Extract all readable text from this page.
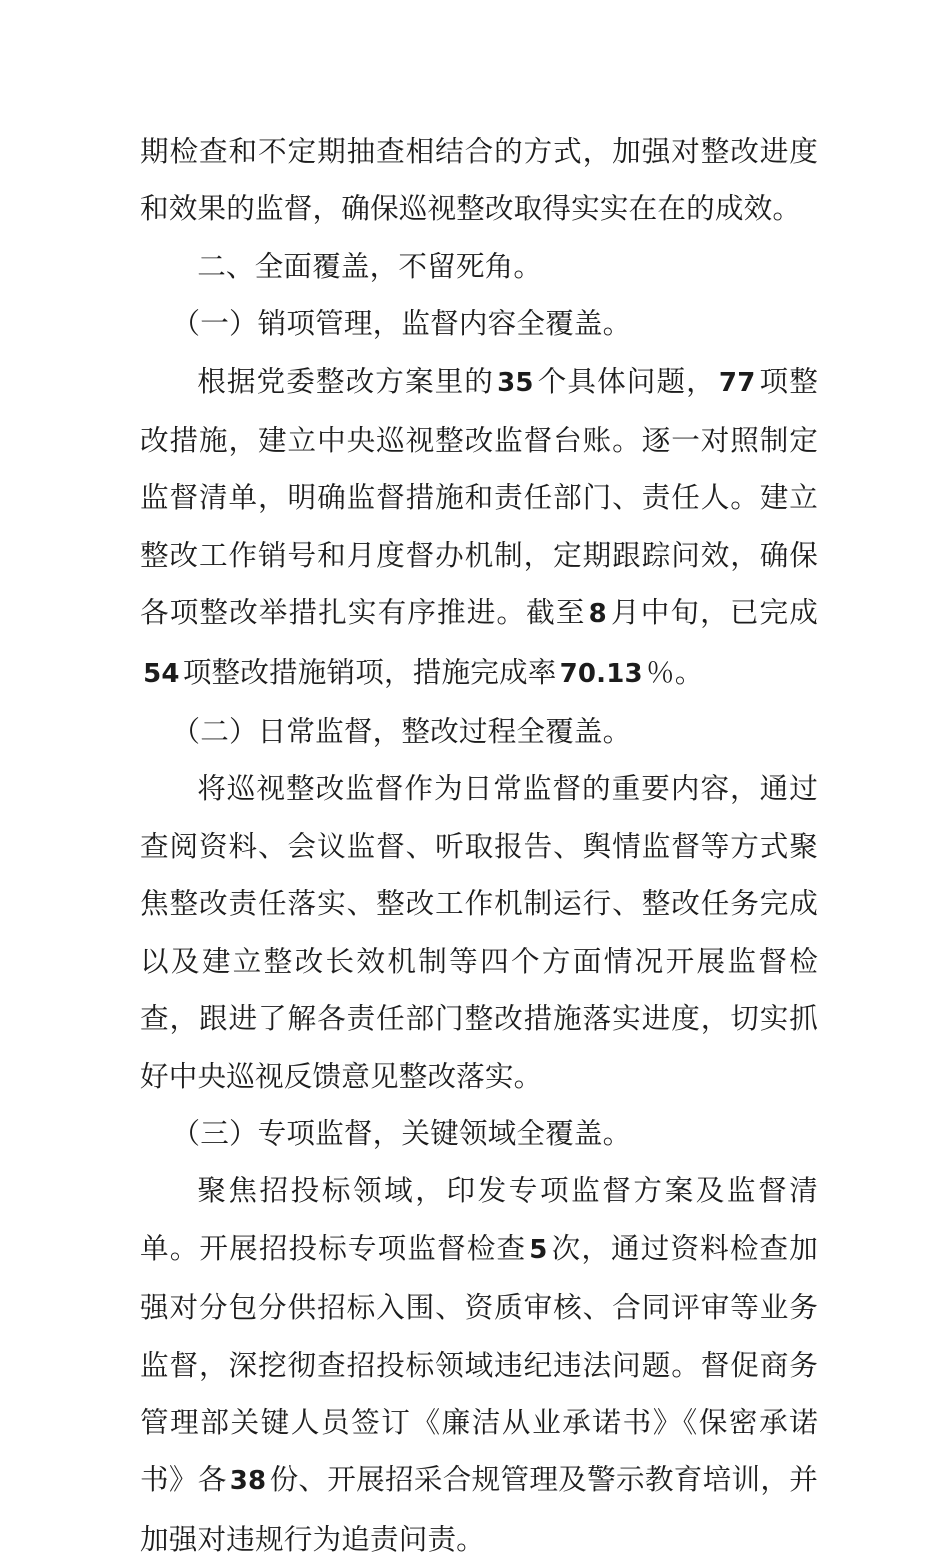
期检查和不定期抽查相结合的方式，加强对整改进度和效果的监督，确保巡视整改取得实实在在的成效。

二、全面覆盖，不留死角。

（一）销项管理，监督内容全覆盖。

根据党委整改方案里的 35 个具体问题， 77 项整改措施，建立中央巡视整改监督台账。逐一对照制定监督清单，明确监督措施和责任部门、责任人。建立整改工作销号和月度督办机制，定期跟踪问效，确保各项整改举措扎实有序推进。截至 8 月中旬，已完成54 项整改措施销项，措施完成率 70.13 ％。

（二）日常监督，整改过程全覆盖。

将巡视整改监督作为日常监督的重要内容，通过查阅资料、会议监督、听取报告、舆情监督等方式聚焦整改责任落实、整改工作机制运行、整改任务完成以及建立整改长效机制等四个方面情况开展监督检查，跟进了解各责任部门整改措施落实进度，切实抓好中央巡视反馈意见整改落实。

（三）专项监督，关键领域全覆盖。

聚焦招投标领域，印发专项监督方案及监督清单。开展招投标专项监督检查 5 次，通过资料检查加强对分包分供招标入围、资质审核、合同评审等业务监督，深挖彻查招投标领域违纪违法问题。督促商务管理部关键人员签订《廉洁从业承诺书》《保密承诺书》各 38 份、开展招采合规管理及警示教育培训，并加强对违规行为追责问责。
